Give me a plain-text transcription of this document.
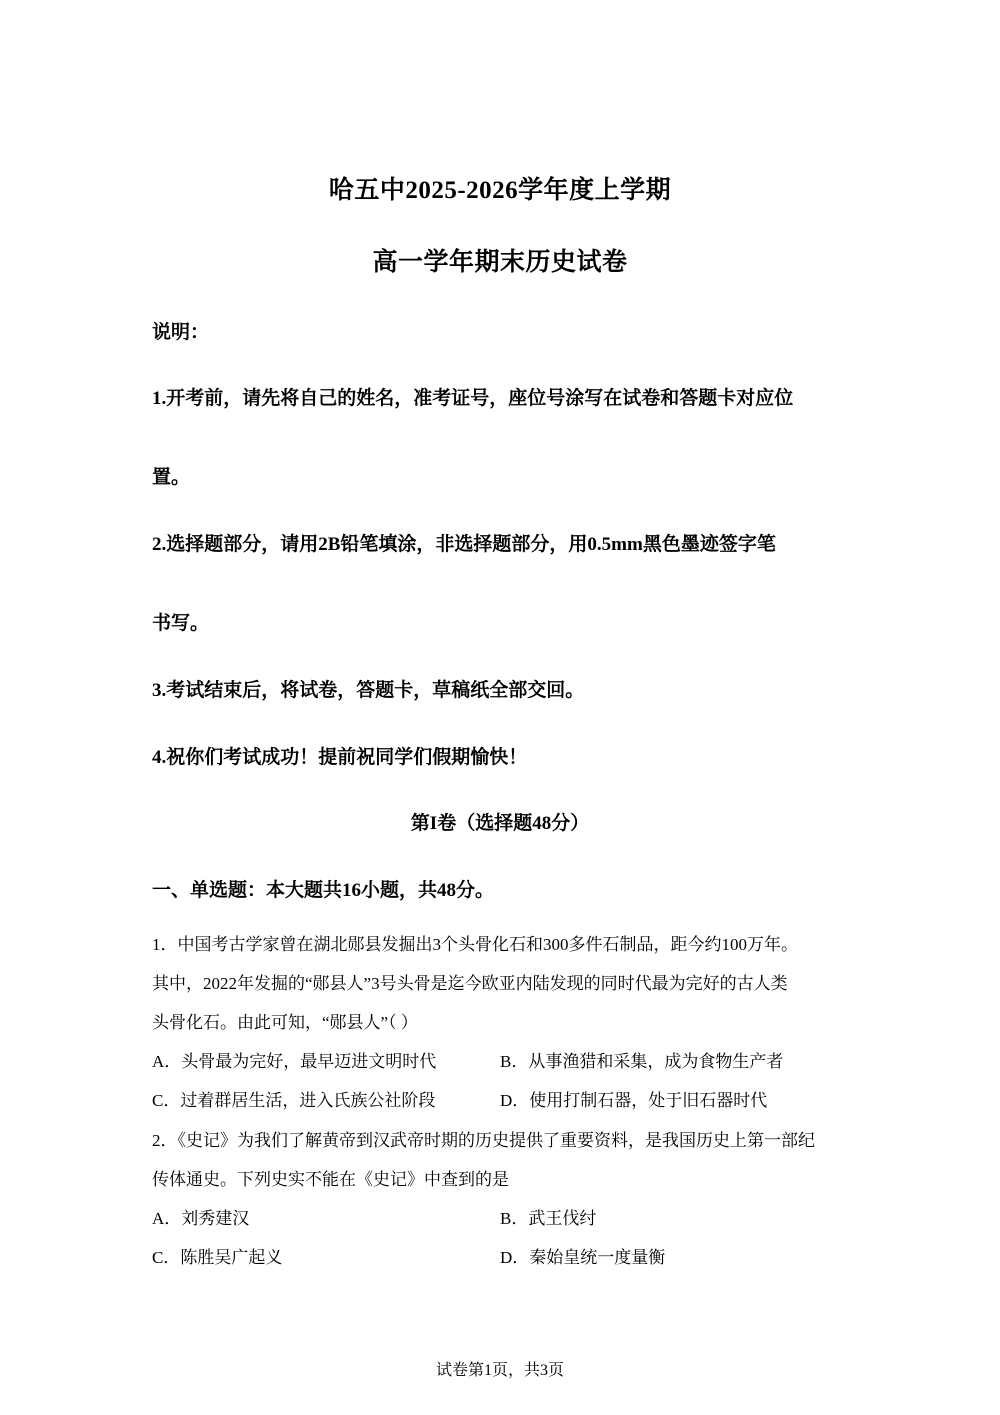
哈五中2025-2026学年度上学期
高一学年期末历史试卷
说明：
1.开考前，请先将自己的姓名，准考证号，座位号涂写在试卷和答题卡对应位
置。
2.选择题部分，请用2B铅笔填涂，非选择题部分，用0.5mm黑色墨迹签字笔
书写。
3.考试结束后，将试卷，答题卡，草稿纸全部交回。
4.祝你们考试成功！提前祝同学们假期愉快！
第I卷（选择题48分）
一、单选题：本大题共16小题，共48分。
1．中国考古学家曾在湖北郧县发掘出3个头骨化石和300多件石制品，距今约100万年。
其中，2022年发掘的“郧县人”3号头骨是迄今欧亚内陆发现的同时代最为完好的古人类
头骨化石。由此可知，“郧县人”（ ）
A．头骨最为完好，最早迈进文明时代	B．从事渔猎和采集，成为食物生产者
C．过着群居生活，进入氏族公社阶段	D．使用打制石器，处于旧石器时代
2．《史记》为我们了解黄帝到汉武帝时期的历史提供了重要资料，是我国历史上第一部纪
传体通史。下列史实不能在《史记》中查到的是
A．刘秀建汉	B．武王伐纣
C．陈胜吴广起义	D．秦始皇统一度量衡
试卷第1页，共3页
